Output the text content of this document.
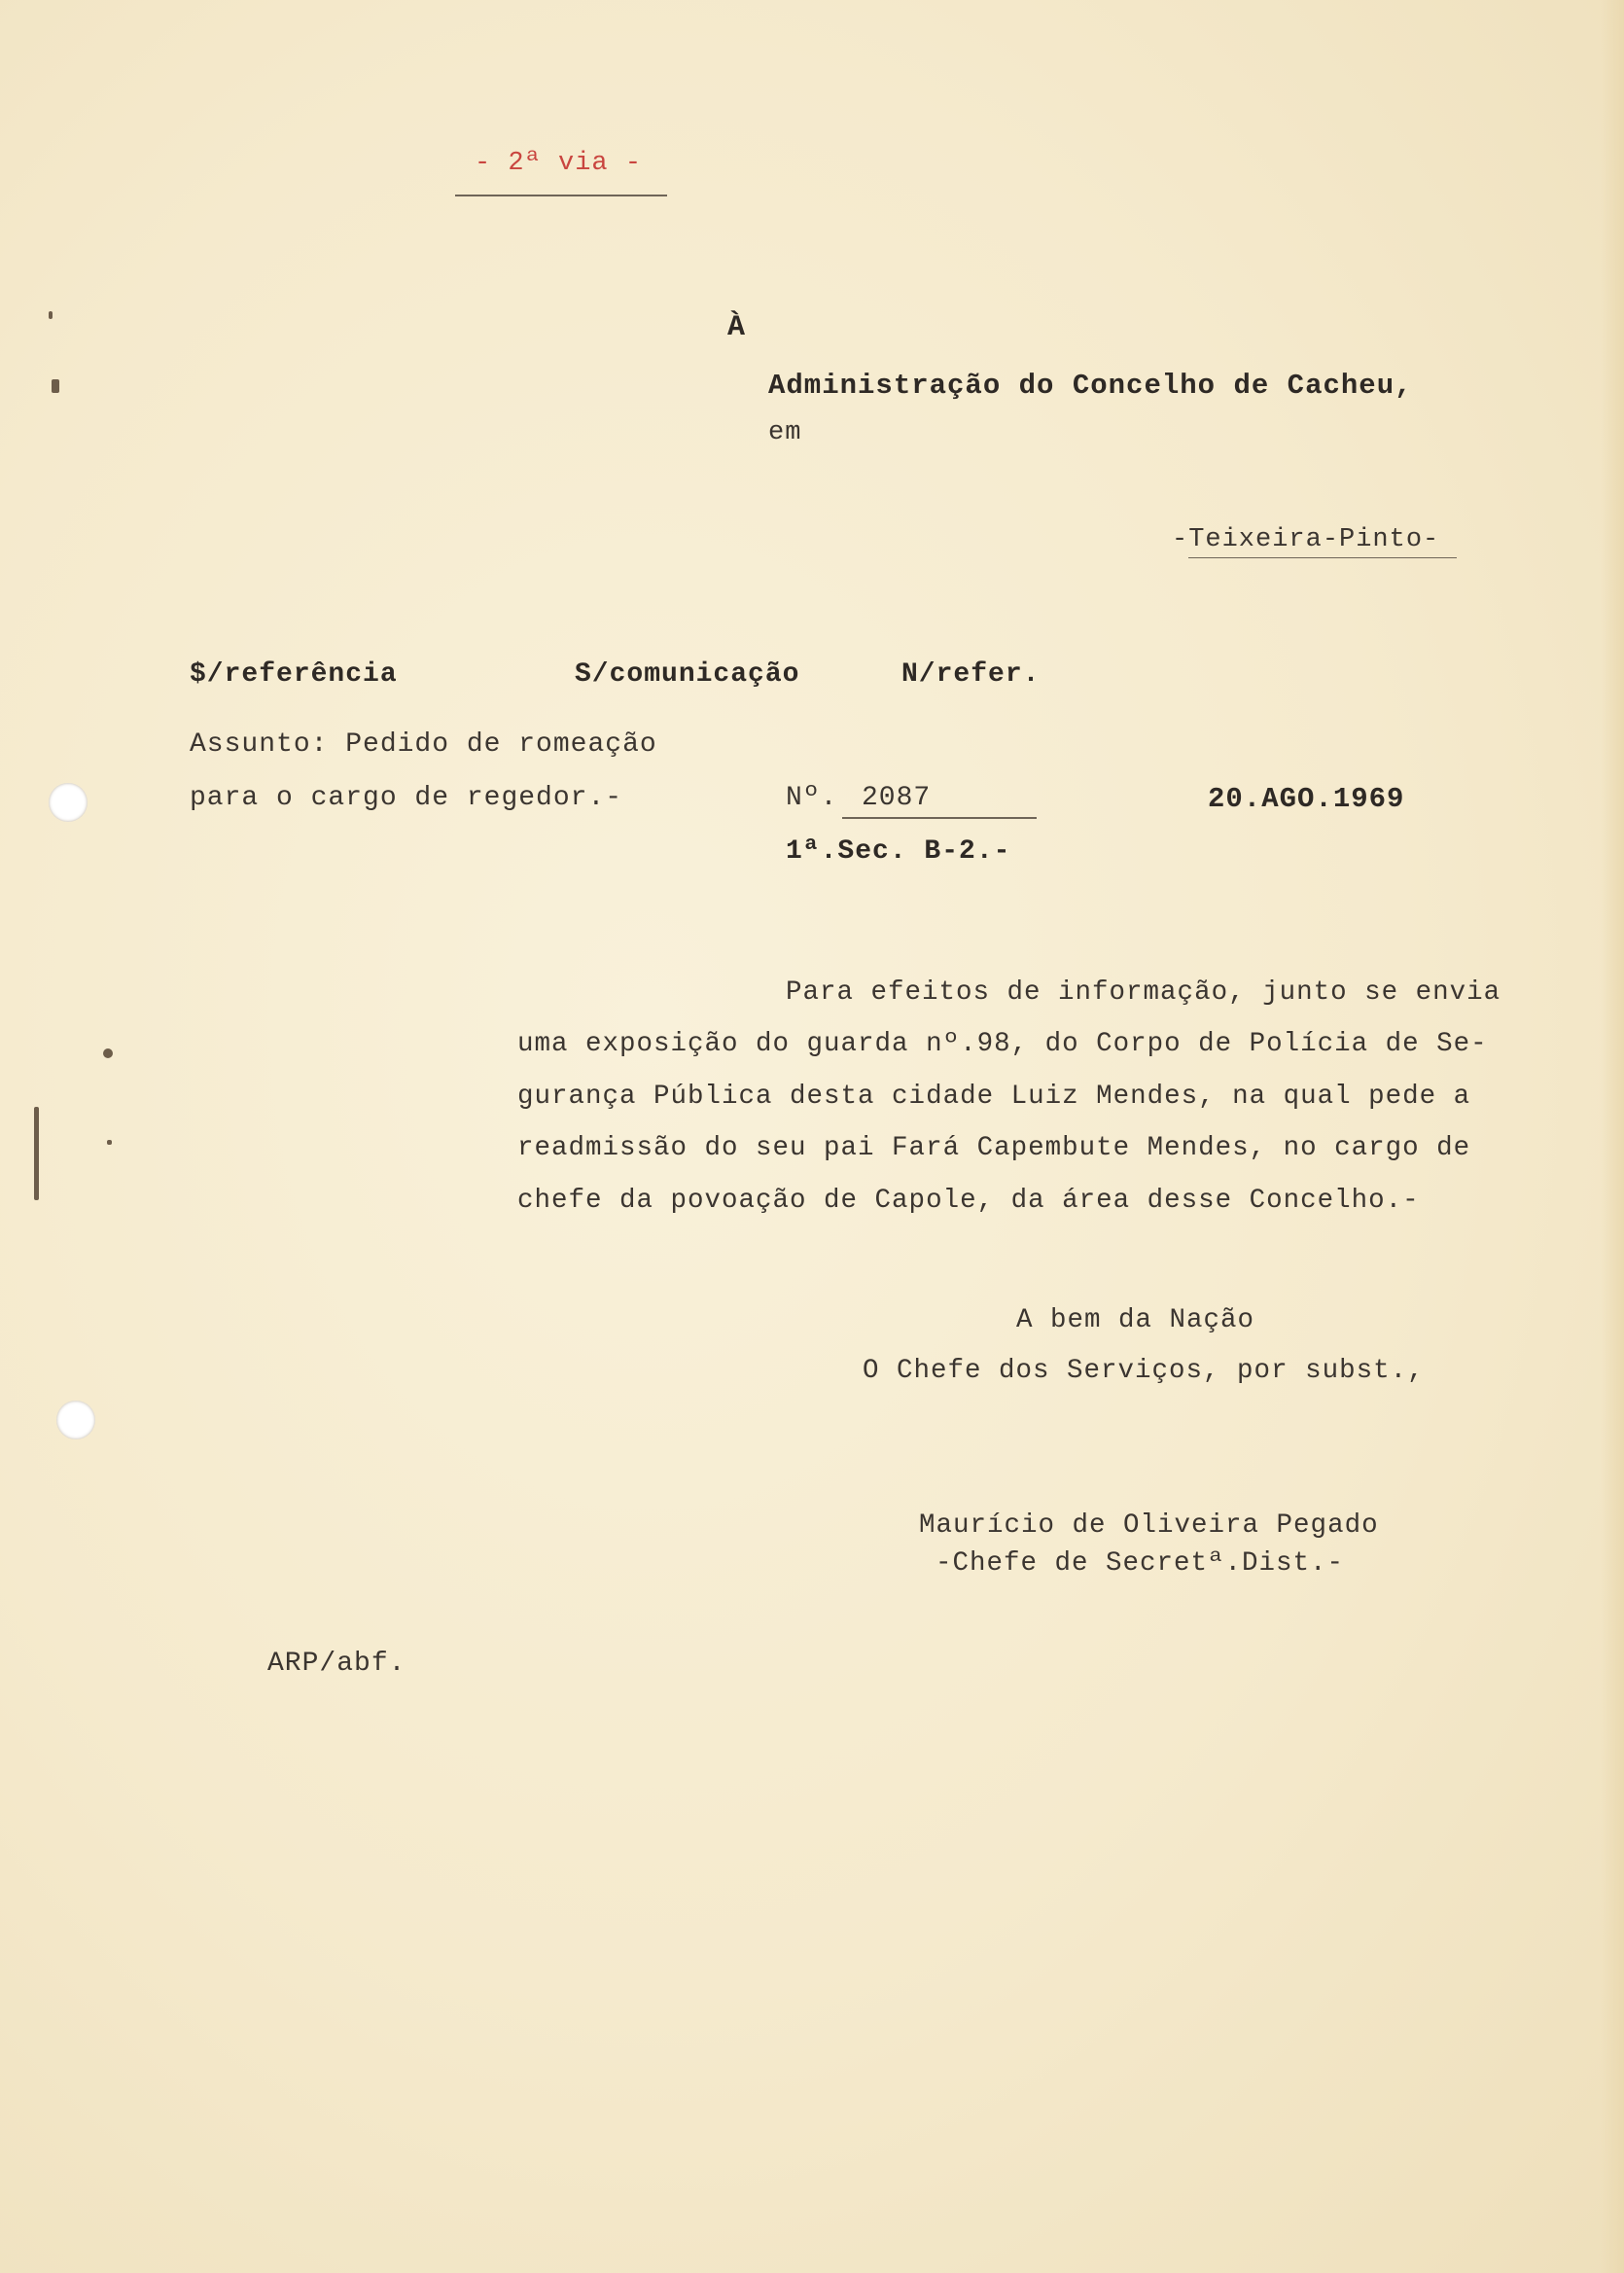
- 2ª via -
À
Administração do Concelho de Cacheu,
em
-Teixeira-Pinto-
$/referência	S/comunicação	N/refer.
Assunto: Pedido de romeação
para o cargo de regedor.-	Nº. 2087
1ª.Sec. B-2.-
20.AGO.1969
Para efeitos de informação, junto se envia
uma exposição do guarda nº.98, do Corpo de Polícia de Se-
gurança Pública desta cidade Luiz Mendes, na qual pede a
readmissão do seu pai Fará Capembute Mendes, no cargo de
chefe da povoação de Capole, da área desse Concelho.-
A bem da Nação
O Chefe dos Serviços, por subst.,
Maurício de Oliveira Pegado
-Chefe de Secretª.Dist.-
ARP/abf.
